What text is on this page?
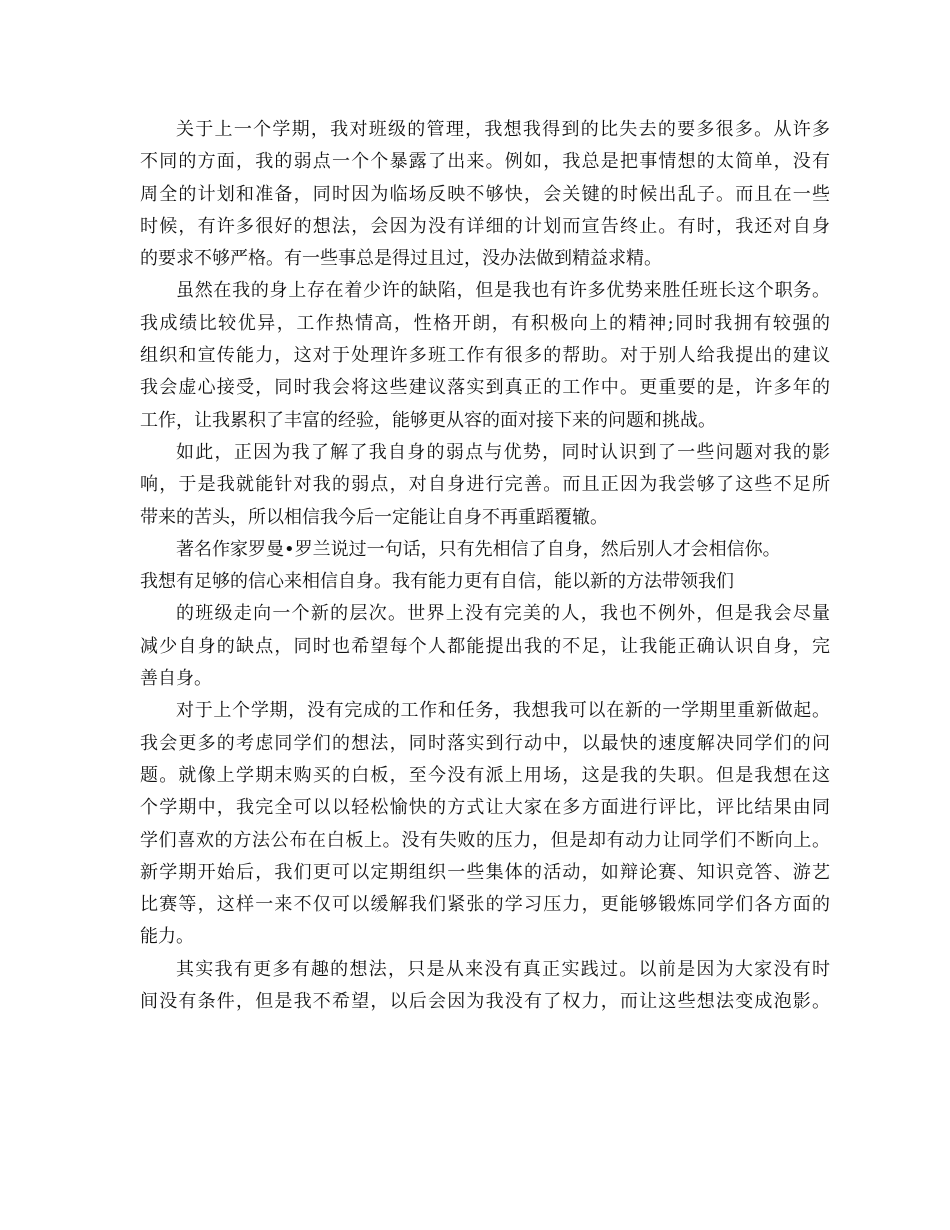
关于上一个学期，我对班级的管理，我想我得到的比失去的要多很多。从许多
不同的方面，我的弱点一个个暴露了出来。例如，我总是把事情想的太简单，没有
周全的计划和准备，同时因为临场反映不够快，会关键的时候出乱子。而且在一些
时候，有许多很好的想法，会因为没有详细的计划而宣告终止。有时，我还对自身
的要求不够严格。有一些事总是得过且过，没办法做到精益求精。
虽然在我的身上存在着少许的缺陷，但是我也有许多优势来胜任班长这个职务。
我成绩比较优异，工作热情高，性格开朗，有积极向上的精神;同时我拥有较强的
组织和宣传能力，这对于处理许多班工作有很多的帮助。对于别人给我提出的建议
我会虚心接受，同时我会将这些建议落实到真正的工作中。更重要的是，许多年的
工作，让我累积了丰富的经验，能够更从容的面对接下来的问题和挑战。
如此，正因为我了解了我自身的弱点与优势，同时认识到了一些问题对我的影
响，于是我就能针对我的弱点，对自身进行完善。而且正因为我尝够了这些不足所
带来的苦头，所以相信我今后一定能让自身不再重蹈覆辙。
著名作家罗曼•罗兰说过一句话，只有先相信了自身，然后别人才会相信你。
我想有足够的信心来相信自身。我有能力更有自信，能以新的方法带领我们
的班级走向一个新的层次。世界上没有完美的人，我也不例外，但是我会尽量
减少自身的缺点，同时也希望每个人都能提出我的不足，让我能正确认识自身，完
善自身。
对于上个学期，没有完成的工作和任务，我想我可以在新的一学期里重新做起。
我会更多的考虑同学们的想法，同时落实到行动中，以最快的速度解决同学们的问
题。就像上学期末购买的白板，至今没有派上用场，这是我的失职。但是我想在这
个学期中，我完全可以以轻松愉快的方式让大家在多方面进行评比，评比结果由同
学们喜欢的方法公布在白板上。没有失败的压力，但是却有动力让同学们不断向上。
新学期开始后，我们更可以定期组织一些集体的活动，如辩论赛、知识竞答、游艺
比赛等，这样一来不仅可以缓解我们紧张的学习压力，更能够锻炼同学们各方面的
能力。
其实我有更多有趣的想法，只是从来没有真正实践过。以前是因为大家没有时
间没有条件，但是我不希望，以后会因为我没有了权力，而让这些想法变成泡影。
